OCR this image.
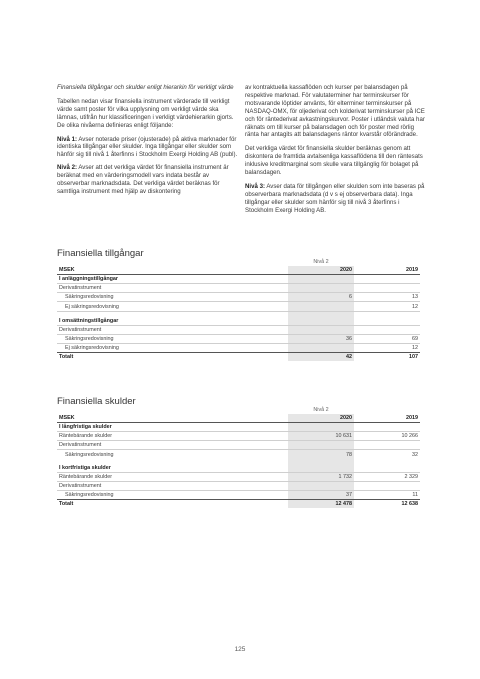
Finansiella tillgångar och skulder enligt hierarkin för verkligt värde

Tabellen nedan visar finansiella instrument värderade till verkligt värde samt poster för vilka upplysning om verkligt värde ska lämnas, utifrån hur klassificeringen i verkligt värdehierarkin gjorts. De olika nivåerna definieras enligt följande:

Nivå 1: Avser noterade priser (ojusterade) på aktiva marknader för identiska tillgångar eller skulder. Inga tillgångar eller skulder som hänför sig till nivå 1 återfinns i Stockholm Exergi Holding AB (publ).

Nivå 2: Avser att det verkliga värdet för finansiella instrument är beräknat med en värderingsmodell vars indata består av observerbar marknadsdata. Det verkliga värdet beräknas för samtliga instrument med hjälp av diskontering

av kontraktuella kassaflöden och kurser per balansdagen på respektive marknad. För valutaterminer har terminskurser för motsvarande löptider använts, för elterminer terminskurser på NASDAQ-OMX, för oljederivat och kolderivat terminskurser på ICE och för räntederivat avkastningskurvor. Poster i utländsk valuta har räknats om till kurser på balansdagen och för poster med rörlig ränta har antagits att balansdagens räntor kvarstår oförändrade.

Det verkliga värdet för finansiella skulder beräknas genom att diskontera de framtida avtalsenliga kassaflödena till den räntesats inklusive kreditmarginal som skulle vara tillgänglig för bolaget på balansdagen.

Nivå 3: Avser data för tillgången eller skulden som inte baseras på observerbara marknadsdata (d v s ej observerbara data). Inga tillgångar eller skulder som hänför sig till nivå 3 återfinns i Stockholm Exergi Holding AB.

Finansiella tillgångar
	Nivå 2	
MSEK	2020	2019
I anläggningstillgångar		
Derivatinstrument		
Säkringsredovisning	6	13
Ej säkringsredovisning		12

I omsättningstillgångar		
Derivatinstrument		
Säkringsredovisning	36	69
Ej säkringsredovisning		12
Totalt	42	107
Finansiella skulder
	Nivå 2	
MSEK	2020	2019
I långfristiga skulder		
Räntebärande skulder	10 631	10 266
Derivatinstrument		
Säkringsredovisning	78	32

I kortfristiga skulder		
Räntebärande skulder	1 732	2 329
Derivatinstrument		
Säkringsredovisning	37	11
Totalt	12 478	12 638
125
